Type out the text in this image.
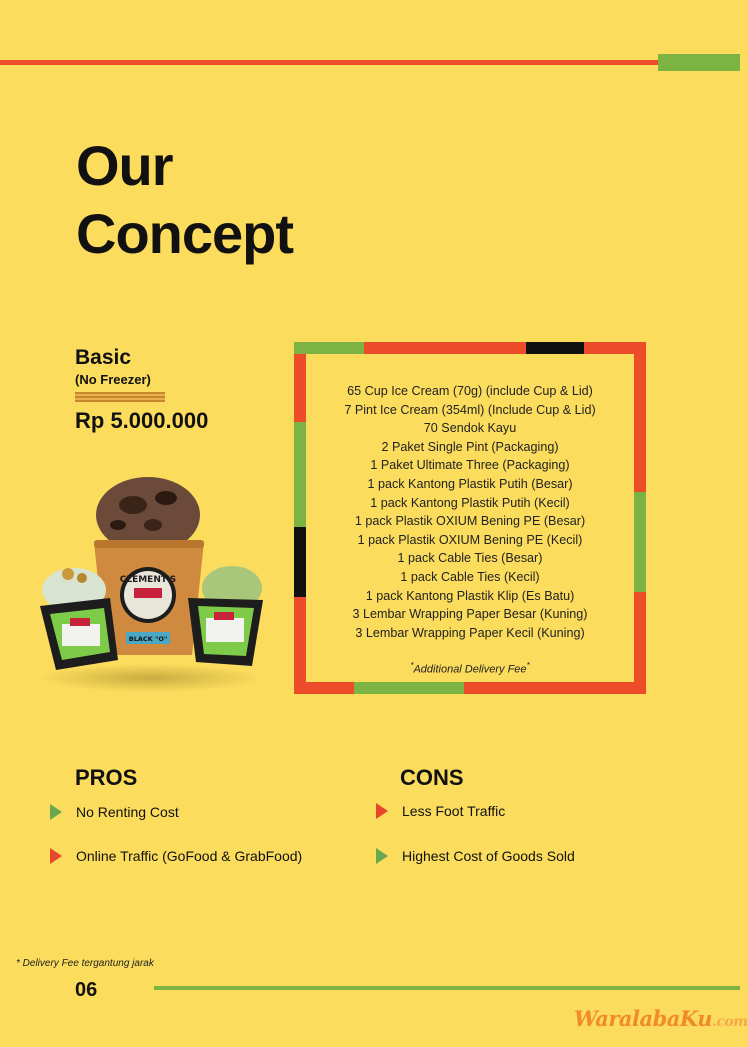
Our
Concept
Basic
(No Freezer)
Rp 5.000.000
CLEMENT'S
BLACK "O"
65 Cup Ice Cream (70g) (include Cup & Lid)
7 Pint Ice Cream (354ml) (Include Cup & Lid)
70 Sendok Kayu
2 Paket Single Pint (Packaging)
1 Paket Ultimate Three (Packaging)
1 pack Kantong Plastik Putih (Besar)
1 pack Kantong Plastik Putih (Kecil)
1 pack Plastik OXIUM Bening PE (Besar)
1 pack Plastik OXIUM Bening PE (Kecil)
1 pack Cable Ties (Besar)
1 pack Cable Ties (Kecil)
1 pack Kantong Plastik Klip (Es Batu)
3 Lembar Wrapping Paper Besar (Kuning)
3 Lembar Wrapping Paper Kecil (Kuning)
*Additional Delivery Fee*
PROS
No Renting Cost
Online Traffic (GoFood & GrabFood)
CONS
Less Foot Traffic
Highest Cost of Goods Sold
* Delivery Fee tergantung jarak
06
WaralabaKu.com
